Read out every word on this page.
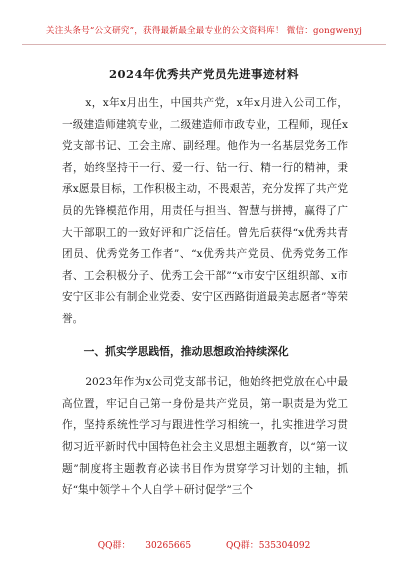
关注头条号“公文研究”，获得最新最全最专业的公文资料库！ 微信：gongwenyj
2024年优秀共产党员先进事迹材料

x，x年x月出生，中国共产党，x年x月进入公司工作，一级建造师建筑专业，二级建造师市政专业，工程师，现任x党支部书记、工会主席、副经理。他作为一名基层党务工作者，始终坚持干一行、爱一行、钻一行、精一行的精神，秉承x愿景目标，工作积极主动，不畏艰苦，充分发挥了共产党员的先锋模范作用，用责任与担当、智慧与拼搏，赢得了广大干部职工的一致好评和广泛信任。曾先后获得“x优秀共青团员、优秀党务工作者”、“x优秀共产党员、优秀党务工作者、工会积极分子、优秀工会干部”“x市安宁区组织部、x市安宁区非公有制企业党委、安宁区西路街道最美志愿者”等荣誉。

一、抓实学思践悟，推动思想政治持续深化

2023年作为x公司党支部书记，他始终把党放在心中最高位置，牢记自己第一身份是共产党员，第一职责是为党工作，坚持系统性学习与跟进性学习相统一，扎实推进学习贯彻习近平新时代中国特色社会主义思想主题教育，以“第一议题”制度将主题教育必读书目作为贯穿学习计划的主轴，抓好“集中领学＋个人自学＋研讨促学”三个

QQ群： 30265665	QQ群：535304092
